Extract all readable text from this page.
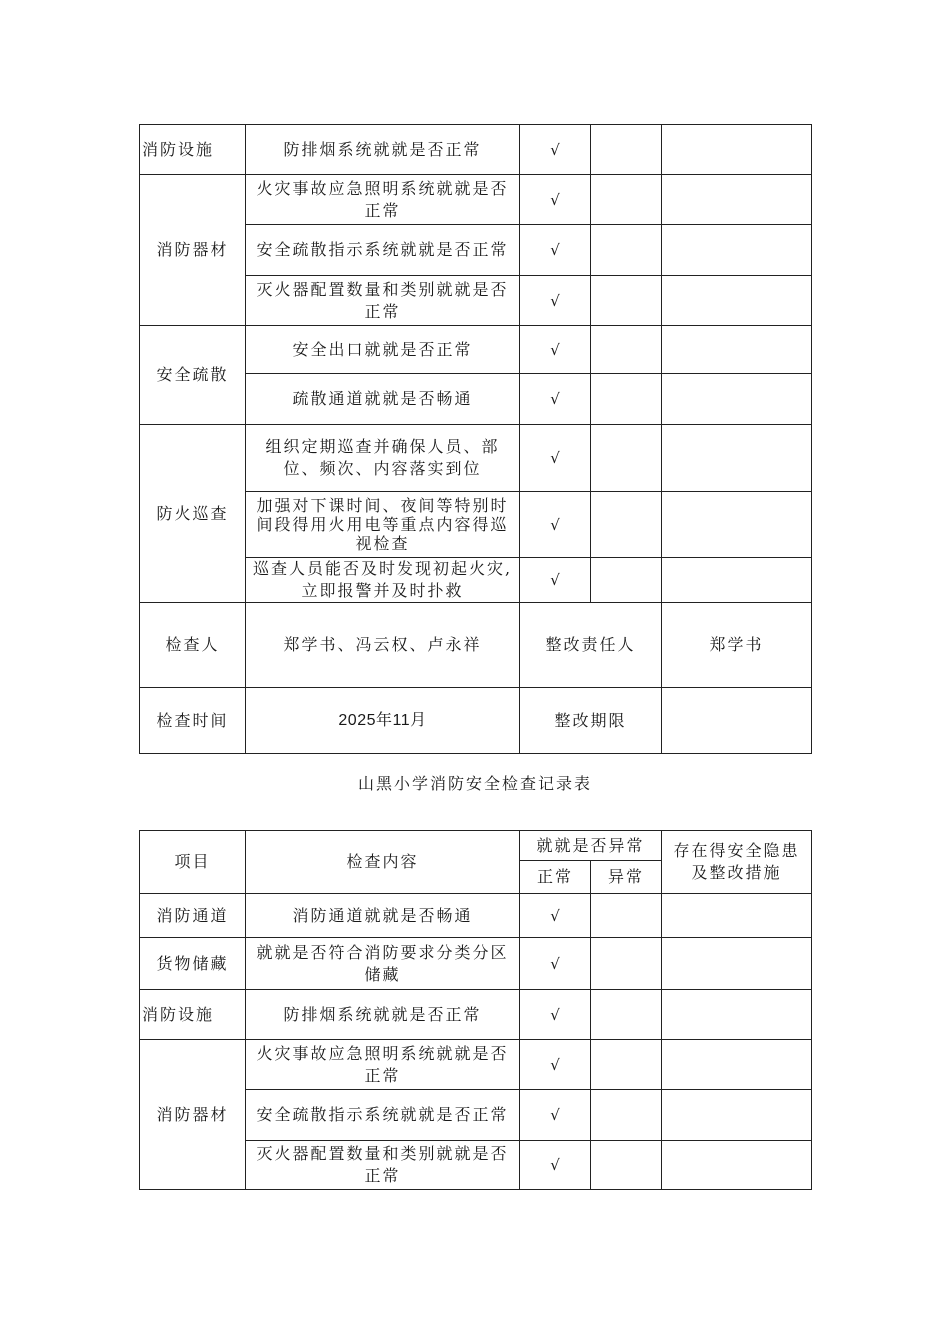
消防设施	防排烟系统就就是否正常	√		
消防器材	火灾事故应急照明系统就就是否正常	√		
	安全疏散指示系统就就是否正常	√		
	灭火器配置数量和类别就就是否正常	√		
安全疏散	安全出口就就是否正常	√		
	疏散通道就就是否畅通	√		
防火巡查	组织定期巡查并确保人员、部位、频次、内容落实到位	√		
	加强对下课时间、夜间等特别时间段得用火用电等重点内容得巡视检查	√		
	巡查人员能否及时发现初起火灾,立即报警并及时扑救	√		
检查人	郑学书、冯云权、卢永祥	整改责任人		郑学书
检查时间	2025年11月	整改期限		
山黑小学消防安全检查记录表
项目	检查内容	就就是否异常		存在得安全隐患及整改措施
		正常	异常	
消防通道	消防通道就就是否畅通	√		
货物储藏	就就是否符合消防要求分类分区储藏	√		
消防设施	防排烟系统就就是否正常	√		
消防器材	火灾事故应急照明系统就就是否正常	√		
	安全疏散指示系统就就是否正常	√		
	灭火器配置数量和类别就就是否正常	√		
